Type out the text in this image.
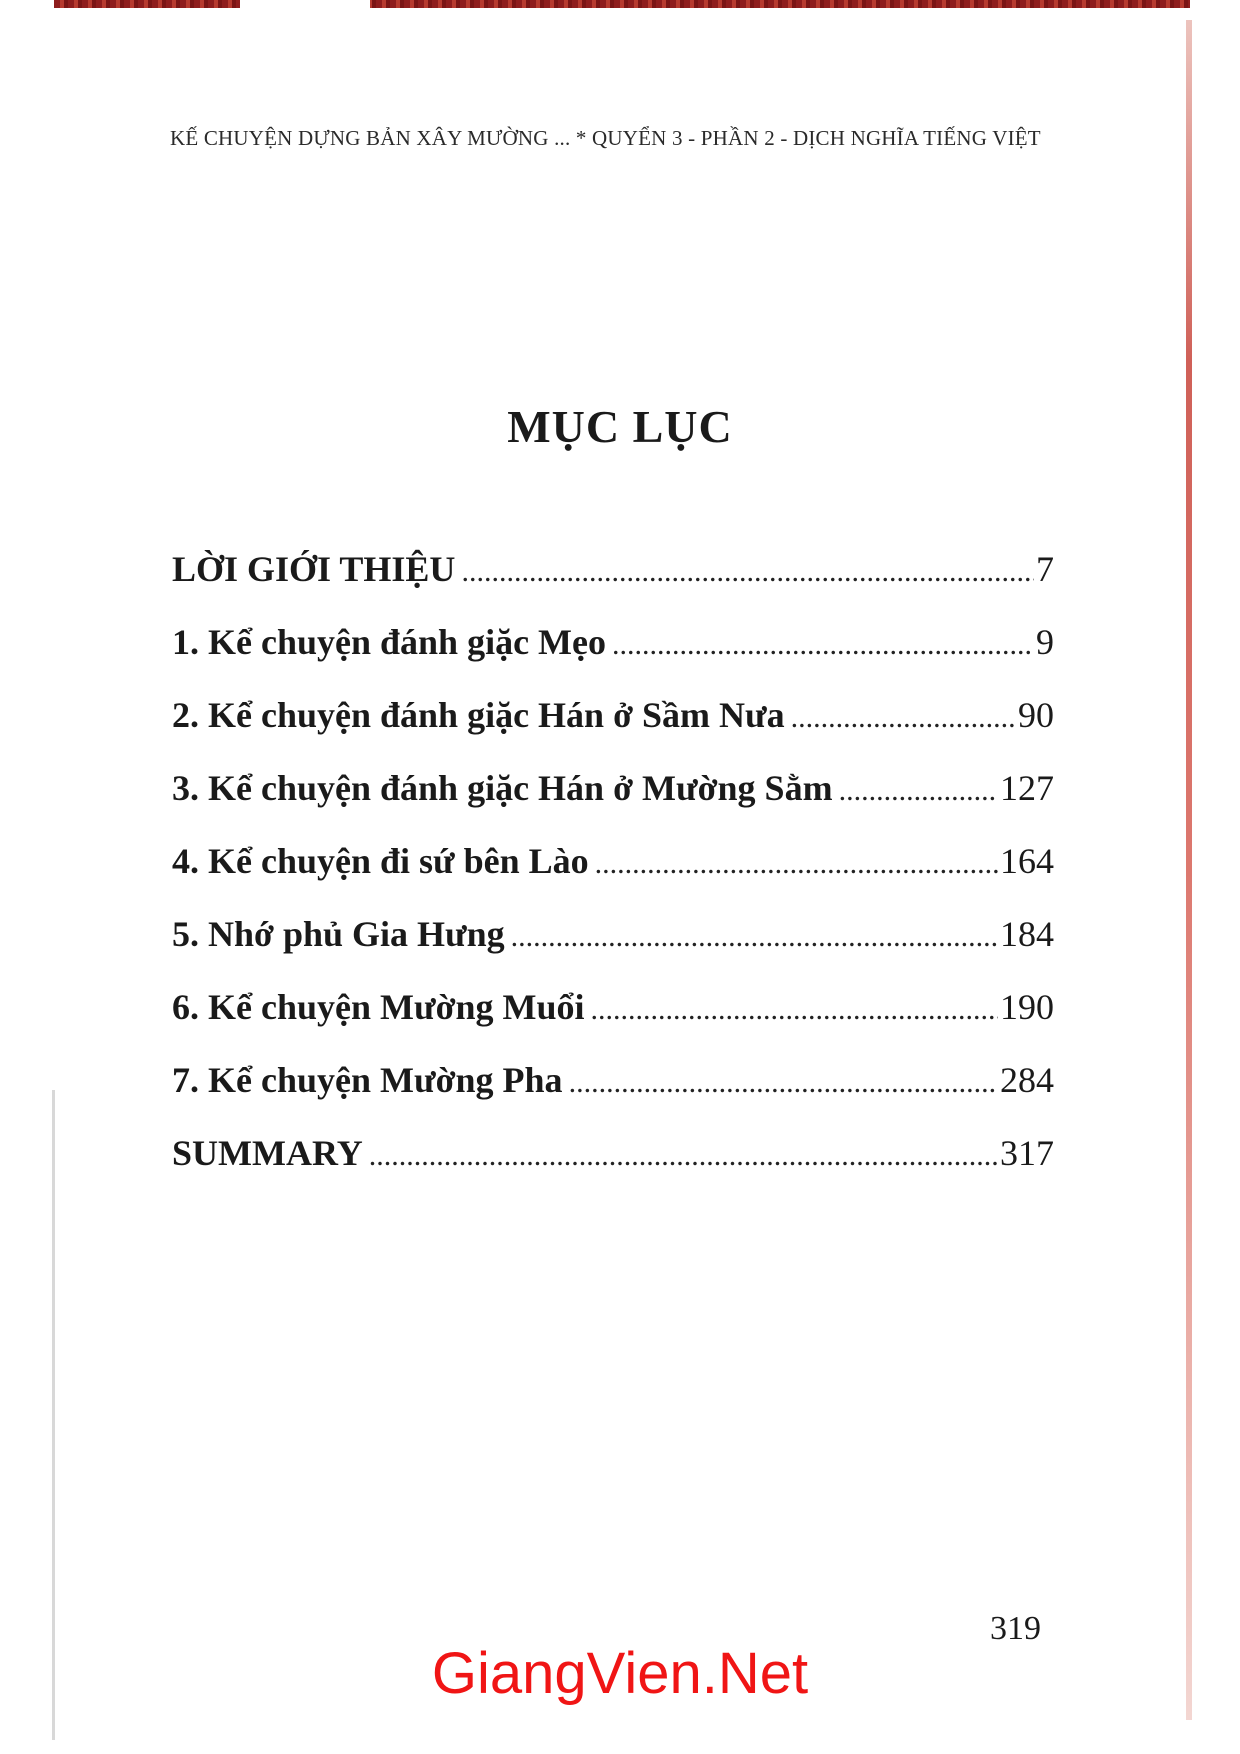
KẾ CHUYỆN DỰNG BẢN XÂY MƯỜNG ... * QUYỂN 3 - PHẦN 2 - DỊCH NGHĨA TIẾNG VIỆT
MỤC LỤC
LỜI GIỚI THIỆU .....	7
1. Kể chuyện đánh giặc Mẹo .....	9
2. Kể chuyện đánh giặc Hán ở Sầm Nưa .....	90
3. Kể chuyện đánh giặc Hán ở Mường Sằm .....	127
4. Kể chuyện đi sứ bên Lào .....	164
5. Nhớ phủ Gia Hưng .....	184
6. Kể chuyện Mường Muổi .....	190
7. Kể chuyện Mường Pha .....	284
SUMMARY .....	317
319
GiangVien.Net
